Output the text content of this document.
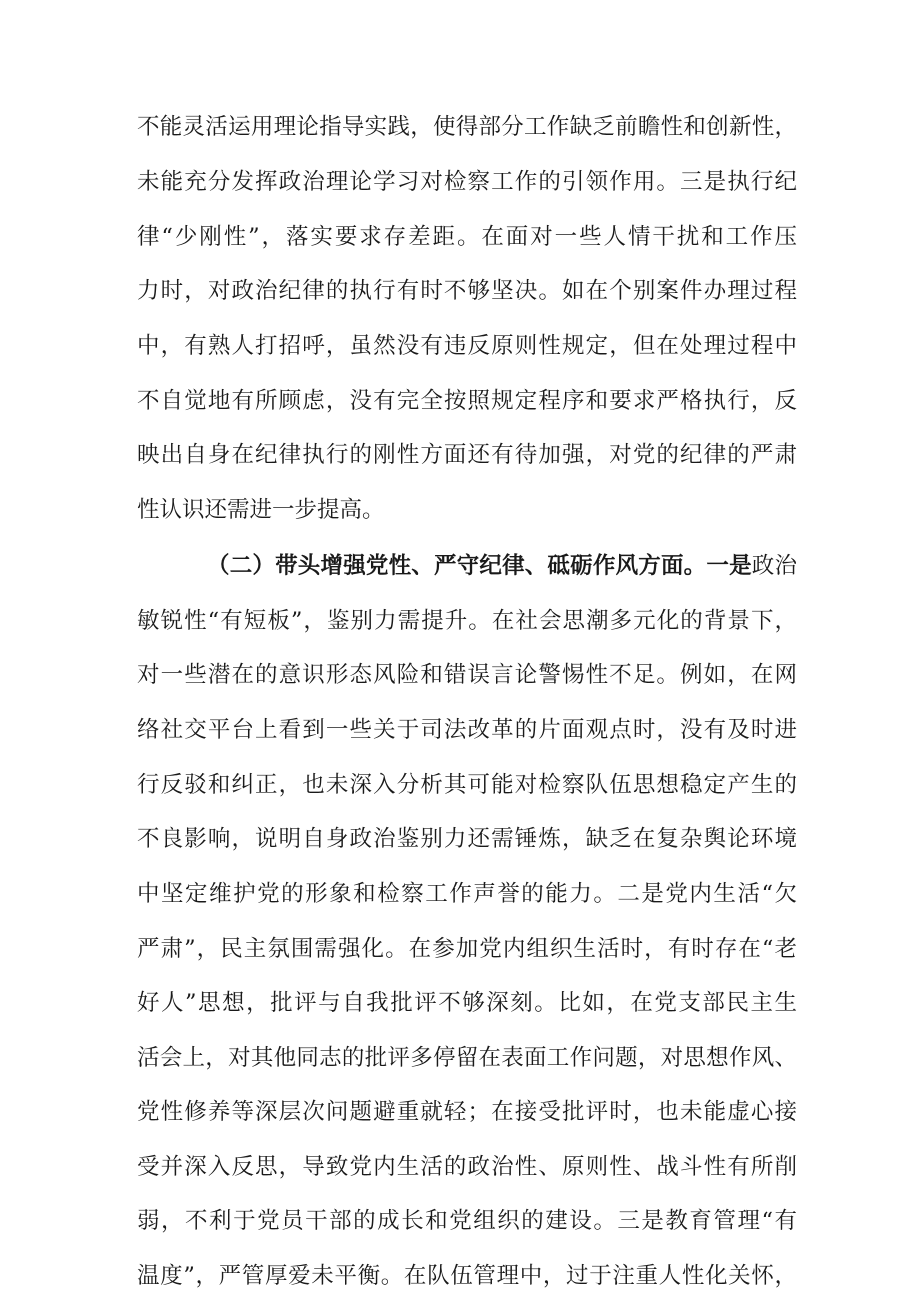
不能灵活运用理论指导实践，使得部分工作缺乏前瞻性和创新性，
未能充分发挥政治理论学习对检察工作的引领作用。三是执行纪
律“少刚性”，落实要求存差距。在面对一些人情干扰和工作压
力时，对政治纪律的执行有时不够坚决。如在个别案件办理过程
中，有熟人打招呼，虽然没有违反原则性规定，但在处理过程中
不自觉地有所顾虑，没有完全按照规定程序和要求严格执行，反
映出自身在纪律执行的刚性方面还有待加强，对党的纪律的严肃
性认识还需进一步提高。
（二）带头增强党性、严守纪律、砥砺作风方面。一是政治
敏锐性“有短板”，鉴别力需提升。在社会思潮多元化的背景下，
对一些潜在的意识形态风险和错误言论警惕性不足。例如，在网
络社交平台上看到一些关于司法改革的片面观点时，没有及时进
行反驳和纠正，也未深入分析其可能对检察队伍思想稳定产生的
不良影响，说明自身政治鉴别力还需锤炼，缺乏在复杂舆论环境
中坚定维护党的形象和检察工作声誉的能力。二是党内生活“欠
严肃”，民主氛围需强化。在参加党内组织生活时，有时存在“老
好人”思想，批评与自我批评不够深刻。比如，在党支部民主生
活会上，对其他同志的批评多停留在表面工作问题，对思想作风、
党性修养等深层次问题避重就轻；在接受批评时，也未能虚心接
受并深入反思，导致党内生活的政治性、原则性、战斗性有所削
弱，不利于党员干部的成长和党组织的建设。三是教育管理“有
温度”，严管厚爱未平衡。在队伍管理中，过于注重人性化关怀，
